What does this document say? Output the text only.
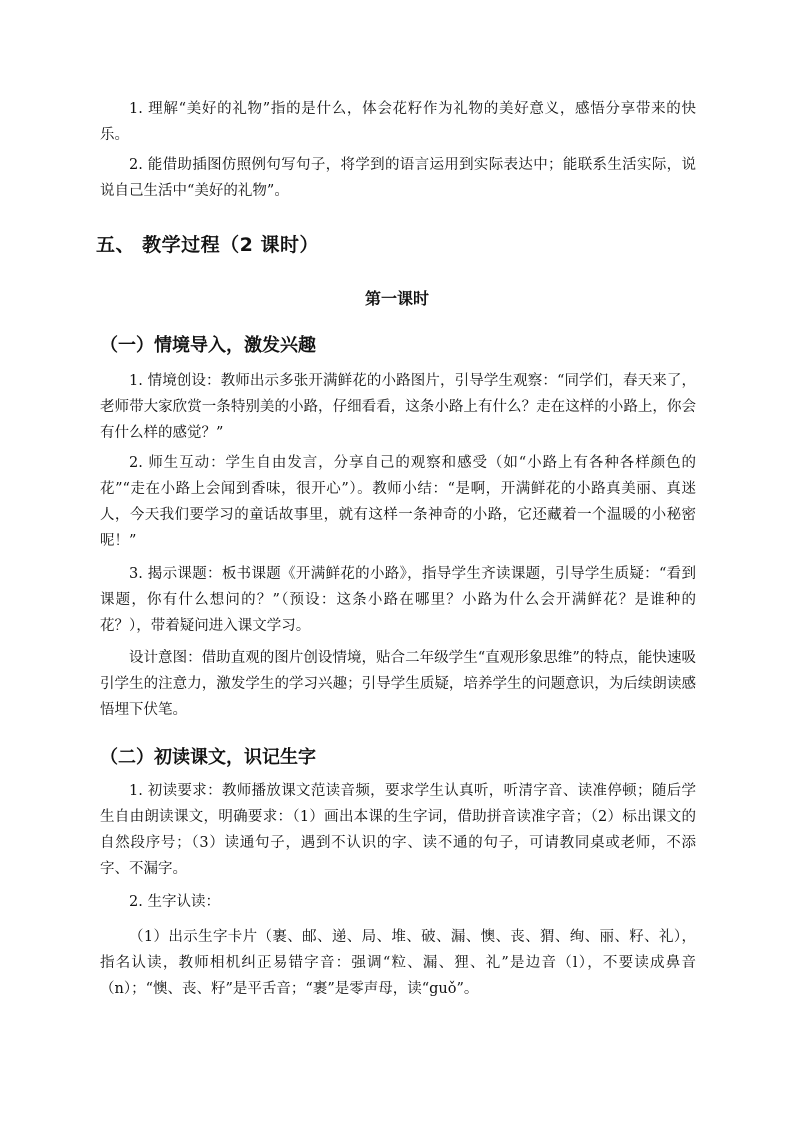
1. 理解“美好的礼物”指的是什么，体会花籽作为礼物的美好意义，感悟分享带来的快乐。

2. 能借助插图仿照例句写句子，将学到的语言运用到实际表达中；能联系生活实际，说说自己生活中“美好的礼物”。

五、 教学过程（2 课时）
第一课时
（一）情境导入，激发兴趣

1. 情境创设：教师出示多张开满鲜花的小路图片，引导学生观察：“同学们，春天来了，老师带大家欣赏一条特别美的小路，仔细看看，这条小路上有什么？走在这样的小路上，你会有什么样的感觉？”

2. 师生互动：学生自由发言，分享自己的观察和感受（如“小路上有各种各样颜色的花”“走在小路上会闻到香味，很开心”）。教师小结：“是啊，开满鲜花的小路真美丽、真迷人，今天我们要学习的童话故事里，就有这样一条神奇的小路，它还藏着一个温暖的小秘密呢！”

3. 揭示课题：板书课题《开满鲜花的小路》，指导学生齐读课题，引导学生质疑：“看到课题，你有什么想问的？”（预设：这条小路在哪里？小路为什么会开满鲜花？是谁种的花？），带着疑问进入课文学习。

设计意图：借助直观的图片创设情境，贴合二年级学生“直观形象思维”的特点，能快速吸引学生的注意力，激发学生的学习兴趣；引导学生质疑，培养学生的问题意识，为后续朗读感悟埋下伏笔。

（二）初读课文，识记生字

1. 初读要求：教师播放课文范读音频，要求学生认真听，听清字音、读准停顿；随后学生自由朗读课文，明确要求：（1）画出本课的生字词，借助拼音读准字音；（2）标出课文的自然段序号；（3）读通句子，遇到不认识的字、读不通的句子，可请教同桌或老师，不添字、不漏字。

2. 生字认读：

（1）出示生字卡片（裹、邮、递、局、堆、破、漏、懊、丧、猬、绚、丽、籽、礼），指名认读，教师相机纠正易错字音：强调“粒、漏、狸、礼”是边音（l），不要读成鼻音（n）；“懊、丧、籽”是平舌音；“裹”是零声母，读“guǒ”。
